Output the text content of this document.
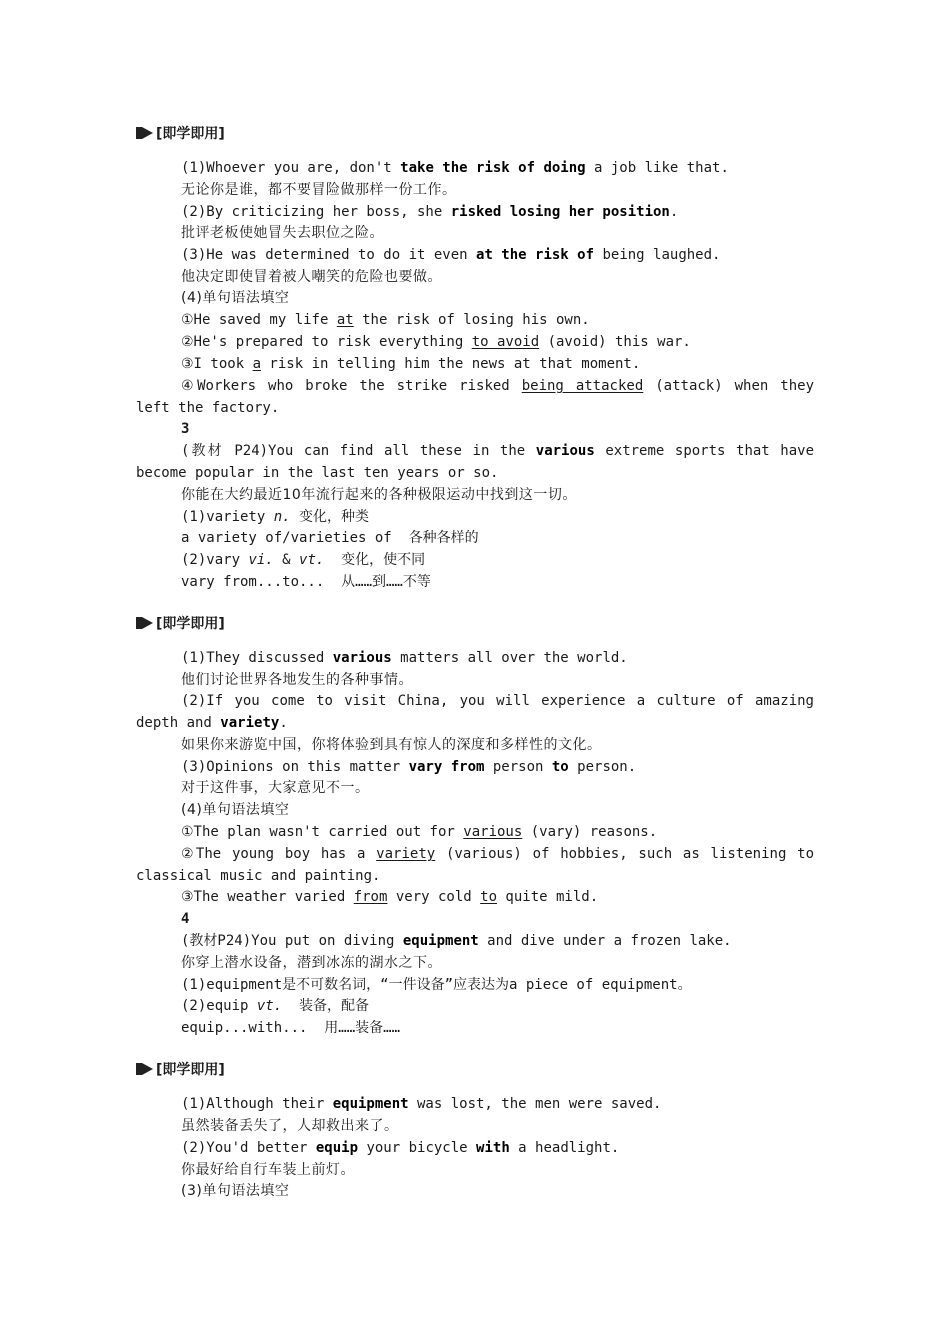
[即学即用]
(1)Whoever you are, don't take the risk of doing a job like that.
无论你是谁，都不要冒险做那样一份工作。
(2)By criticizing her boss, she risked losing her position.
批评老板使她冒失去职位之险。
(3)He was determined to do it even at the risk of being laughed.
他决定即使冒着被人嘲笑的危险也要做。
(4)单句语法填空
①He saved my life at the risk of losing his own.
②He's prepared to risk everything to avoid (avoid) this war.
③I took a risk in telling him the news at that moment.
④Workers who broke the strike risked being attacked (attack) when they
left the factory.
3
(教材 P24)You can find all these in the various extreme sports that have
become popular in the last ten years or so.
你能在大约最近10年流行起来的各种极限运动中找到这一切。
(1)variety n. 变化，种类
a variety of/varieties of  各种各样的
(2)vary vi. & vt.  变化，使不同
vary from...to...  从……到……不等
[即学即用]
(1)They discussed various matters all over the world.
他们讨论世界各地发生的各种事情。
(2)If you come to visit China, you will experience a culture of amazing
depth and variety.
如果你来游览中国，你将体验到具有惊人的深度和多样性的文化。
(3)Opinions on this matter vary from person to person.
对于这件事，大家意见不一。
(4)单句语法填空
①The plan wasn't carried out for various (vary) reasons.
②The young boy has a variety (various) of hobbies, such as listening to
classical music and painting.
③The weather varied from very cold to quite mild.
4
(教材P24)You put on diving equipment and dive under a frozen lake.
你穿上潜水设备，潜到冰冻的湖水之下。
(1)equipment是不可数名词，“一件设备”应表达为a piece of equipment。
(2)equip vt.  装备，配备
equip...with...  用……装备……
[即学即用]
(1)Although their equipment was lost, the men were saved.
虽然装备丢失了，人却救出来了。
(2)You'd better equip your bicycle with a headlight.
你最好给自行车装上前灯。
(3)单句语法填空
